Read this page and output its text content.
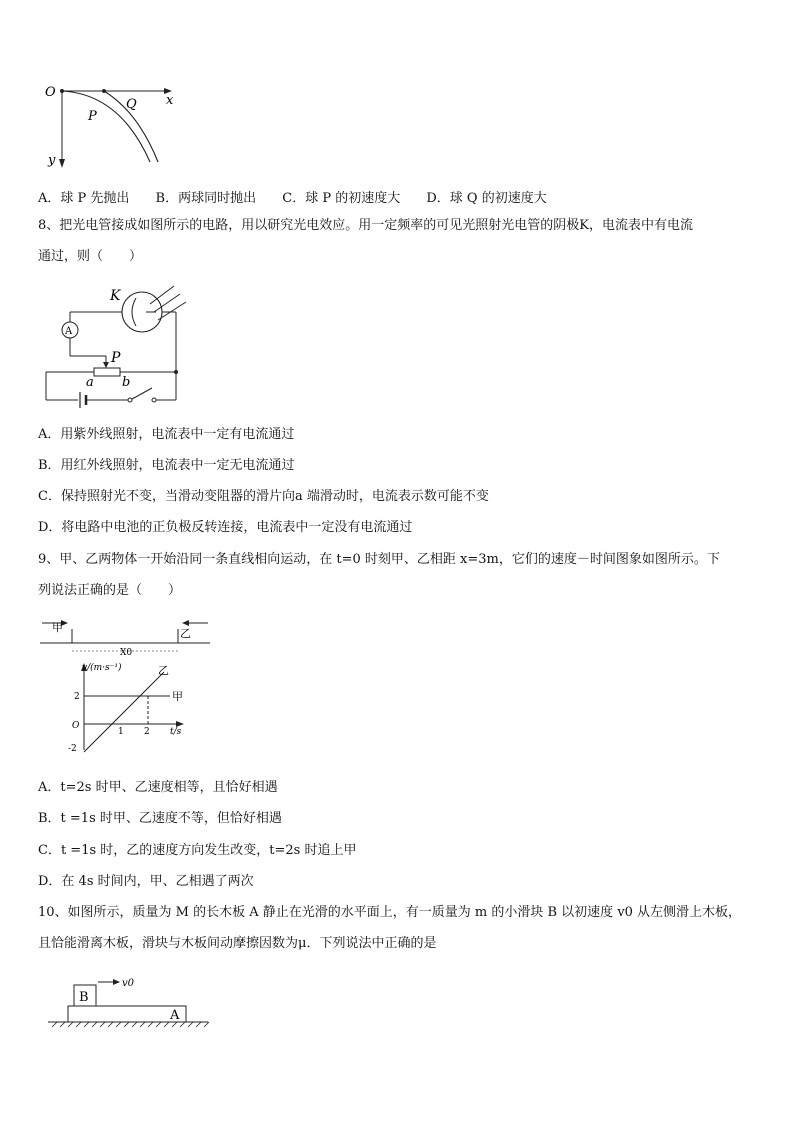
O
x
y
P
Q
A．球 P 先抛出 B．两球同时抛出 C．球 P 的初速度大 D．球 Q 的初速度大
8、把光电管接成如图所示的电路，用以研究光电效应。用一定频率的可见光照射光电管的阴极K，电流表中有电流
通过，则（　　）
K
A
P
a b
A．用紫外线照射，电流表中一定有电流通过
B．用红外线照射，电流表中一定无电流通过
C．保持照射光不变，当滑动变阻器的滑片向a 端滑动时，电流表示数可能不变
D．将电路中电池的正负极反转连接，电流表中一定没有电流通过
9、甲、乙两物体一开始沿同一条直线相向运动，在 t=0 时刻甲、乙相距 x=3m，它们的速度－时间图象如图所示。下
列说法正确的是（　　）
甲	乙
X0
v/(m·s⁻¹)
t/s
O
2
-2
1 2
乙
甲
A．t=2s 时甲、乙速度相等，且恰好相遇
B．t =1s 时甲、乙速度不等，但恰好相遇
C．t =1s 时，乙的速度方向发生改变，t=2s 时追上甲
D．在 4s 时间内，甲、乙相遇了两次
10、如图所示，质量为 M 的长木板 A 静止在光滑的水平面上，有一质量为 m 的小滑块 B 以初速度 v0 从左侧滑上木板，
且恰能滑离木板，滑块与木板间动摩擦因数为μ．下列说法中正确的是
B
A
v0
